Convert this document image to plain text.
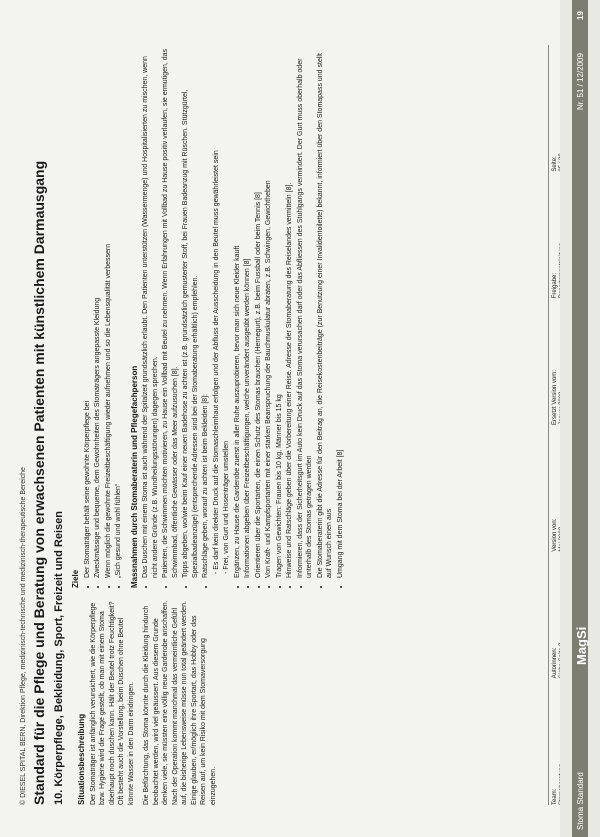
© DIESEL SPITAL BERN, Direktion Pflege, medizinisch-technische und medizinisch-therapeutische Bereiche Standard für die Pflege und Beratung von erwachsenen Patienten mit künstlichem Darmausgang 10. Körperpflege, Bekleidung, Sport, Freizeit und Reisen Situationsbeschreibung Der Stomaträger ist anfänglich verunsichert, wie die Körperpflege bzw. Hygiene wird die Frage gestellt, ob man mit einem Stoma überhaupt noch duschen kann. Hält der Beutel trotz Feuchtigkeit? Oft besteht auch die Vorstellung, beim Duschen ohne Beutel könnte Wasser in den Darm eindringen. Die Befürchtung, das Stoma könnte durch die Kleidung hindurch beobachtet werden, wird viel geäussert. Aus diesem Grunde denken viele, sie müssten eine völlig neue Garderobe anschaffen. Nach der Operation kommt manchmal das vermeintliche Gefühl auf, die bisherige Lebensweise müsse nun total geändert werden. Einige glauben, er/möglich ihre Sportart, das Hobby oder das Reisen auf, um kein Risiko mit dem Stomaversorgung einzugehen.

Ziele
• Der Stomaträger behält seine gewohnte Körperpflege bei • Zweckmässige und bequeme, dem Gewohnheiten des Stomaträgers angepasste Kleidung • Wenn möglich die gewohnte Freizeitbeschäftigung wieder aufnehmen und so die Lebensqualität verbessern • „Sich gesund und wohl fühlen“ Massnahmen durch Stomaberaterin und Pflegefachperson • Das Duschen mit einem Stoma ist auch während der Spitalzeit grundsätzlich erlaubt. Den Patienten unterstützen (Wassermenge) und Hospitalisierten zu mischen, wenn nicht andere Gründe (z.B. Wundheilungsstörungen) dagegen sprechen. • Patienten, die Schwimmen möchten motivieren, zu Hause ein Vollbad mit Beutel zu nehmen. Wenn Erfahrungen mit Vollbad zu Hause positiv verlaufen, sie ermutigen, das Schwimmbad, öffentliche Gewässer oder das Meer aufzusuchen [8]. • Tipps abgeben, wo/wie beim Kauf einer neuen Badehose zu achten ist (z.B. grundsätzlich gemusterter Stoff, bei Frauen Badeanzug mit Rüschen. Stützgürtel, Spezialbadeanzüge) (entsprechende Adressen sind bei der Stomaberatung erhältlich) empfehlen. • Ratschläge geben, worauf zu achten ist beim Bekleiden [8]: - Es darf kein direkter Druck auf die Stomaschleimhaut erfolgen und der Abfluss der Ausscheidung in den Beutel muss gewährleistet sein - Frei, von Gurt und Hosenträger umstellen • Ergänzen, zu Hause die Garderobe zuerst in aller Ruhe auszuprobieren, bevor man sich neue Kleider kauft • Informationen abgeben über Freizeitbeschäftigungen, welche unverändert ausgeübt werden können [8] • Orientieren über die Sportarten, die einen Schutz des Stomas brauchen (Hernegurt), z.B. beim Fussball oder beim Tennis [8] • Von Kraft- und Kampfsportarten mit einer starken Beanspruchung der Bauchmuskulatur abraten, z.B. Schwingen, Gewichtheben • Tragen von Gewichten: Frauen bis 10 kg, Männer bis 15 kg • Hinweise und Ratschläge geben über die Vorbereitung einer Reise. Adresse der Stomaberatung des Reiselandes vermitteln [8]. • Informieren, dass der Sicherheitsgurt im Auto kein Druck auf das Stoma verursachen darf oder das Abfliessen des Stuhlgangs vermindert. Der Gurt muss oberhalb oder unterhalb des Stomas getragen werden • Die Stomaberaterin gibt die Adresse für den Beitrag an, die Reisekostenbeiträge (zur Benutzung einer Invalidentoilette) bekannt, informiert über den Stomapass und stellt auf Wunsch einen aus • Umgang mit dem Stoma bei der Arbeit [8]
Team:
Autorinnen:
Version von:
Ersetzt Version vom:
Freigabe:
Seite:
Stoma Standard
MagSi
Nr. 51 / 12/2009
19
